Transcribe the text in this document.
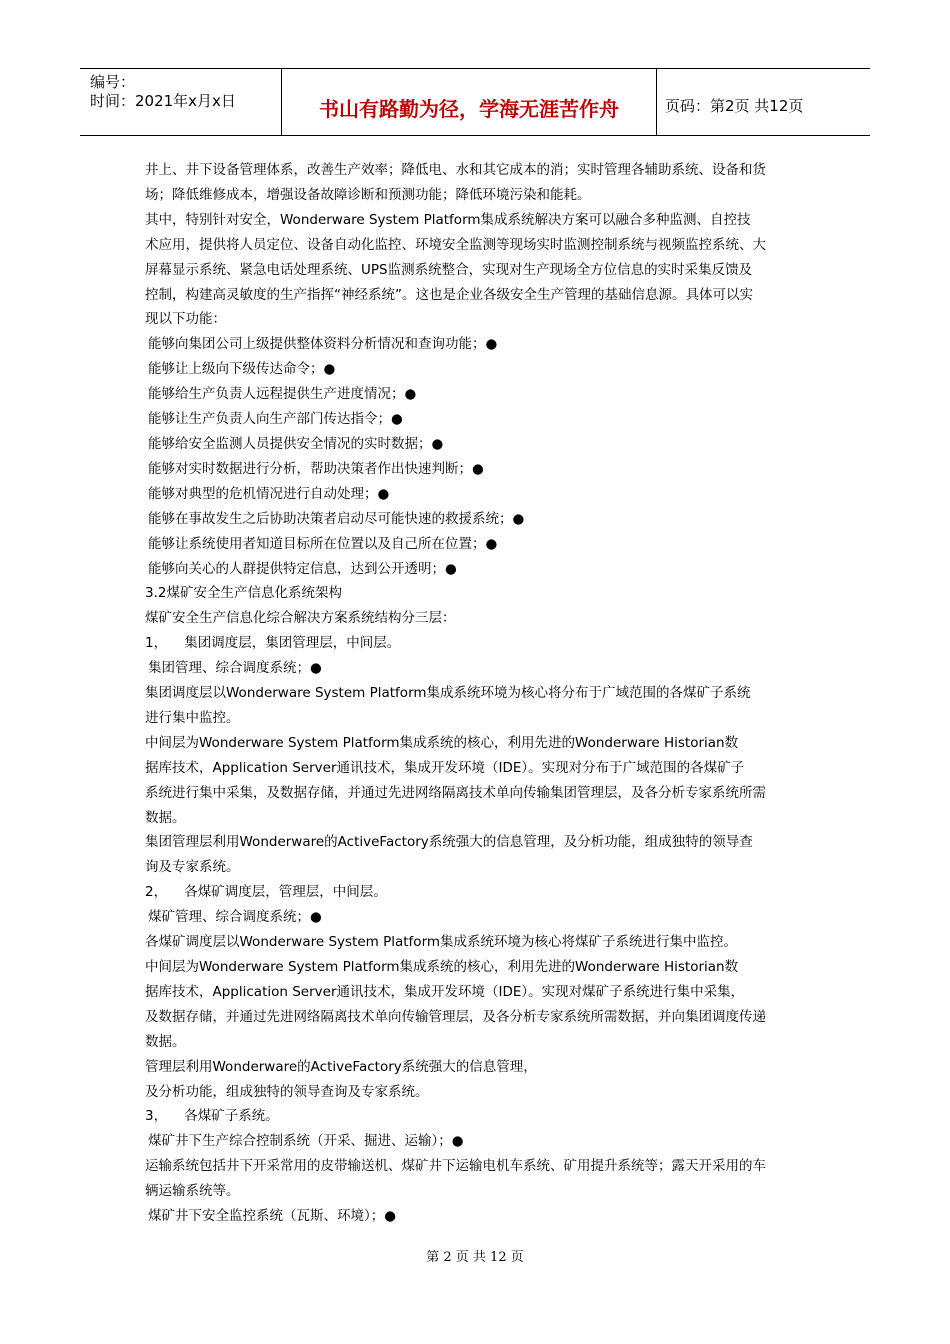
编号：
时间：2021年x月x日	书山有路勤为径，学海无涯苦作舟	页码：第2页 共12页

井上、井下设备管理体系，改善生产效率；降低电、水和其它成本的消；实时管理各辅助系统、设备和货

场；降低维修成本，增强设备故障诊断和预测功能；降低环境污染和能耗。

其中，特别针对安全，Wonderware System Platform集成系统解决方案可以融合多种监测、自控技

术应用，提供将人员定位、设备自动化监控、环境安全监测等现场实时监测控制系统与视频监控系统、大

屏幕显示系统、紧急电话处理系统、UPS监测系统整合，实现对生产现场全方位信息的实时采集反馈及

控制，构建高灵敏度的生产指挥“神经系统”。这也是企业各级安全生产管理的基础信息源。具体可以实

现以下功能：

能够向集团公司上级提供整体资料分析情况和查询功能；●

能够让上级向下级传达命令；●

能够给生产负责人远程提供生产进度情况；●

能够让生产负责人向生产部门传达指令；●

能够给安全监测人员提供安全情况的实时数据；●

能够对实时数据进行分析，帮助决策者作出快速判断；●

能够对典型的危机情况进行自动处理；●

能够在事故发生之后协助决策者启动尽可能快速的救援系统；●

能够让系统使用者知道目标所在位置以及自己所在位置；●

能够向关心的人群提供特定信息，达到公开透明；●

3.2煤矿安全生产信息化系统架构

煤矿安全生产信息化综合解决方案系统结构分三层：

1，    集团调度层，集团管理层，中间层。

集团管理、综合调度系统；●

集团调度层以Wonderware System Platform集成系统环境为核心将分布于广域范围的各煤矿子系统

进行集中监控。

中间层为Wonderware System Platform集成系统的核心，利用先进的Wonderware Historian数

据库技术，Application Server通讯技术，集成开发环境（IDE）。实现对分布于广域范围的各煤矿子

系统进行集中采集，及数据存储，并通过先进网络隔离技术单向传输集团管理层，及各分析专家系统所需

数据。

集团管理层利用Wonderware的ActiveFactory系统强大的信息管理，及分析功能，组成独特的领导查

询及专家系统。

2，    各煤矿调度层，管理层，中间层。

煤矿管理、综合调度系统；●

各煤矿调度层以Wonderware System Platform集成系统环境为核心将煤矿子系统进行集中监控。

中间层为Wonderware System Platform集成系统的核心，利用先进的Wonderware Historian数

据库技术，Application Server通讯技术，集成开发环境（IDE）。实现对煤矿子系统进行集中采集，

及数据存储，并通过先进网络隔离技术单向传输管理层，及各分析专家系统所需数据，并向集团调度传递

数据。

管理层利用Wonderware的ActiveFactory系统强大的信息管理，

及分析功能，组成独特的领导查询及专家系统。

3，    各煤矿子系统。

煤矿井下生产综合控制系统（开采、掘进、运输）；●

运输系统包括井下开采常用的皮带输送机、煤矿井下运输电机车系统、矿用提升系统等；露天开采用的车

辆运输系统等。

煤矿井下安全监控系统（瓦斯、环境）；●

第 2 页 共 12 页
